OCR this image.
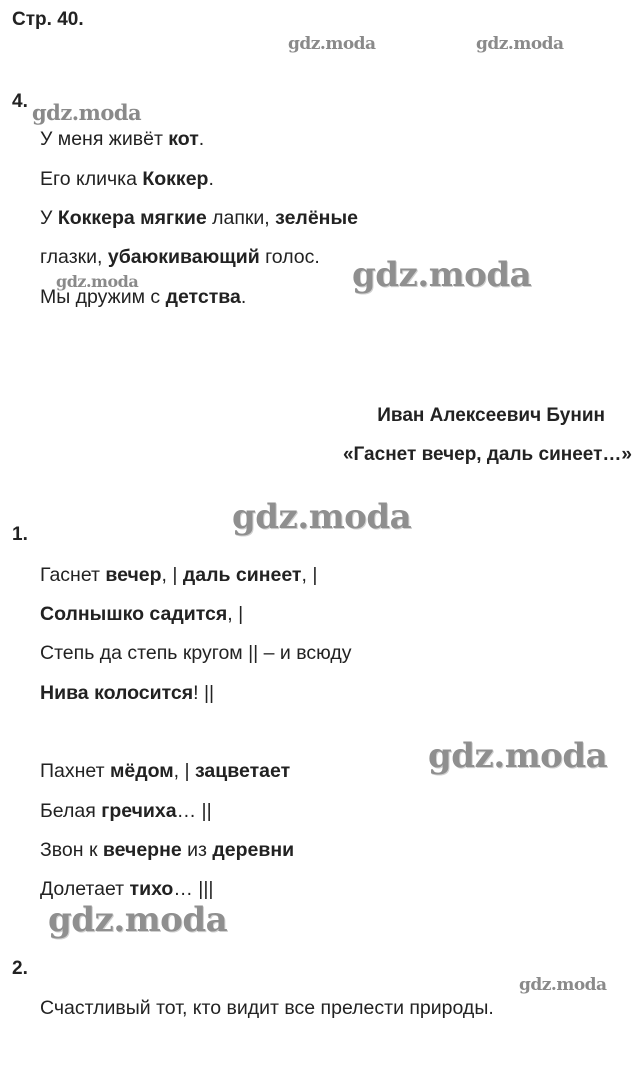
Стр. 40.
gdz.moda	gdz.moda
gdz.moda
gdz.moda
gdz.moda
gdz.moda
gdz.moda
gdz.moda
gdz.moda
4.
У меня живёт кот.
Его кличка Коккер.
У Коккера мягкие лапки, зелёные
глазки, убаюкивающий голос.
Мы дружим с детства.
Иван Алексеевич Бунин
«Гаснет вечер, даль синеет…»
1.
Гаснет вечер, | даль синеет, |
Солнышко садится, |
Степь да степь кругом || – и всюду
Нива колосится! ||
Пахнет мёдом, | зацветает
Белая гречиха… ||
Звон к вечерне из деревни
Долетает тихо… |||
2.
Счастливый тот, кто видит все прелести природы.
